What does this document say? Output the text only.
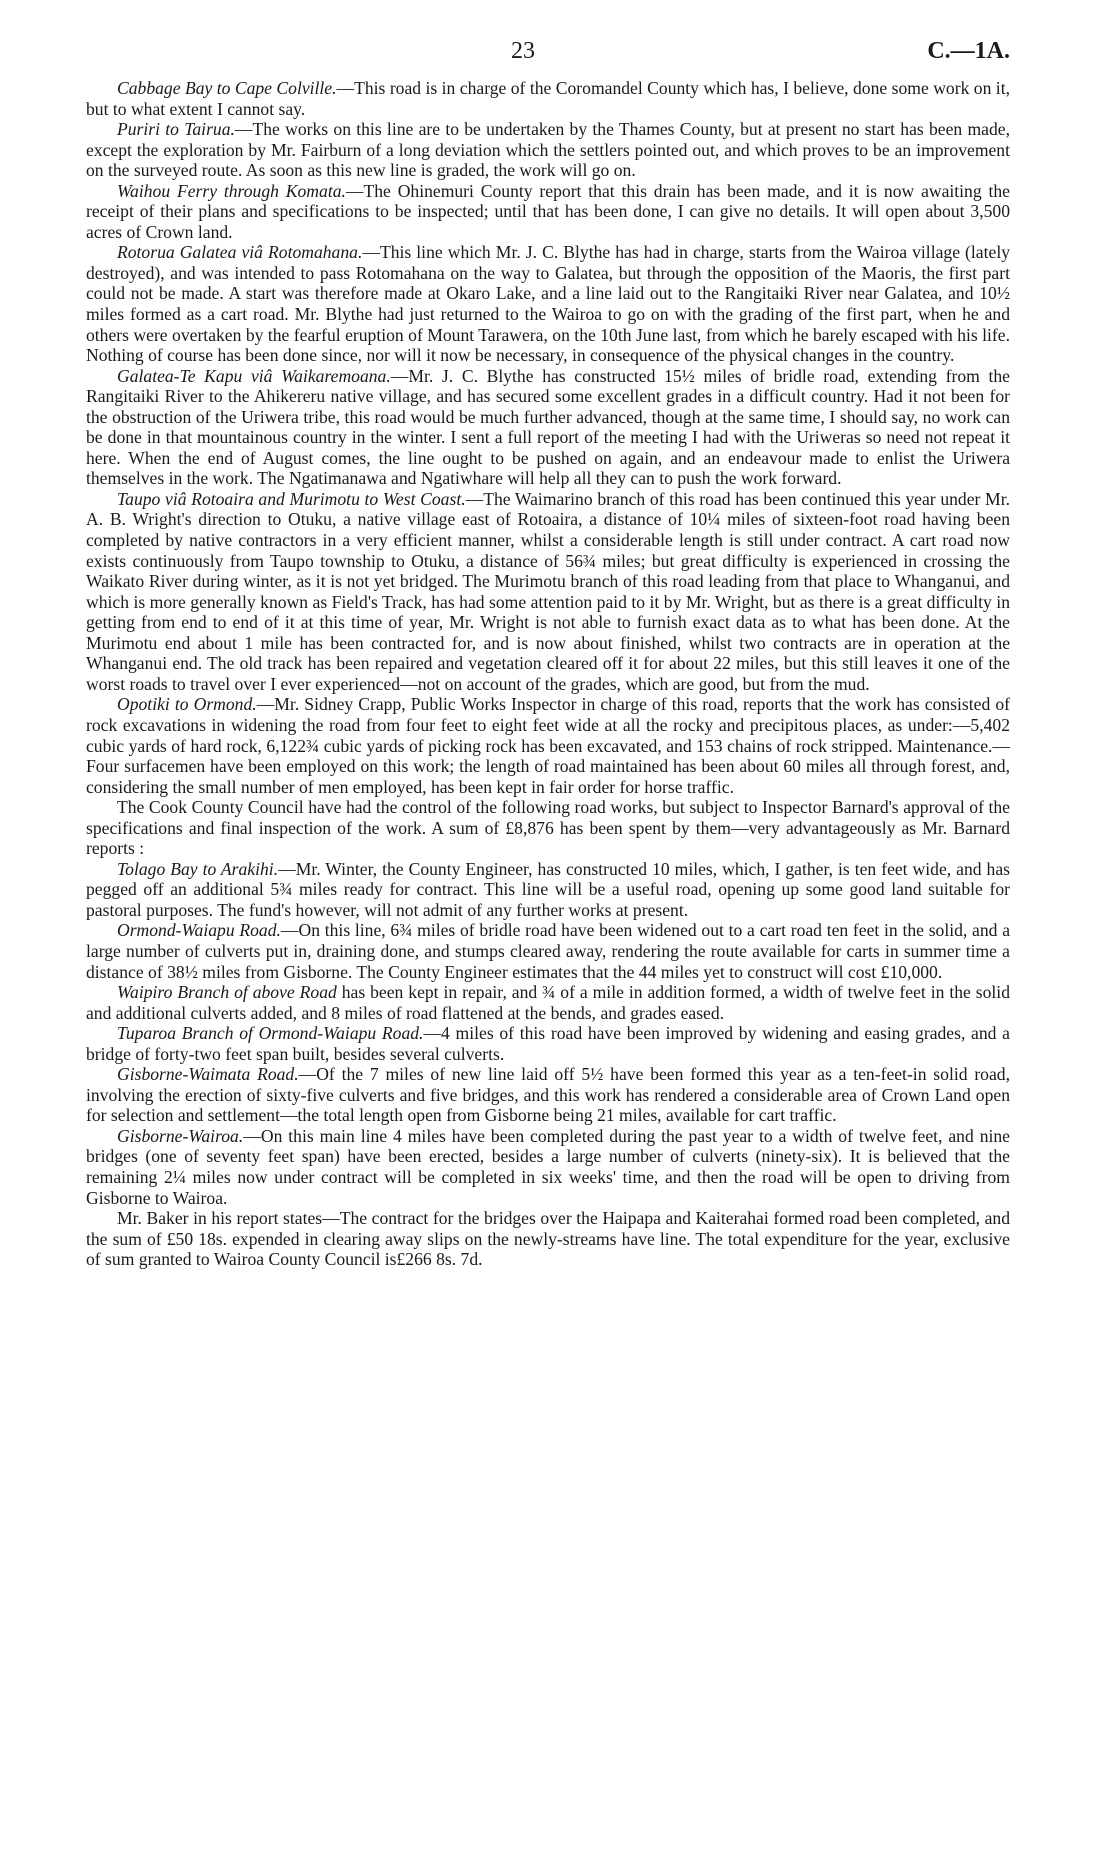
23	C.—1A.

Cabbage Bay to Cape Colville.—This road is in charge of the Coromandel County which has, I believe, done some work on it, but to what extent I cannot say.

Puriri to Tairua.—The works on this line are to be undertaken by the Thames County, but at present no start has been made, except the exploration by Mr. Fairburn of a long deviation which the settlers pointed out, and which proves to be an improvement on the surveyed route. As soon as this new line is graded, the work will go on.

Waihou Ferry through Komata.—The Ohinemuri County report that this drain has been made, and it is now awaiting the receipt of their plans and specifications to be inspected; until that has been done, I can give no details. It will open about 3,500 acres of Crown land.

Rotorua Galatea viâ Rotomahana.—This line which Mr. J. C. Blythe has had in charge, starts from the Wairoa village (lately destroyed), and was intended to pass Rotomahana on the way to Galatea, but through the opposition of the Maoris, the first part could not be made. A start was therefore made at Okaro Lake, and a line laid out to the Rangitaiki River near Galatea, and 10½ miles formed as a cart road. Mr. Blythe had just returned to the Wairoa to go on with the grading of the first part, when he and others were overtaken by the fearful eruption of Mount Tarawera, on the 10th June last, from which he barely escaped with his life. Nothing of course has been done since, nor will it now be necessary, in consequence of the physical changes in the country.

Galatea-Te Kapu viâ Waikaremoana.—Mr. J. C. Blythe has constructed 15½ miles of bridle road, extending from the Rangitaiki River to the Ahikereru native village, and has secured some excellent grades in a difficult country. Had it not been for the obstruction of the Uriwera tribe, this road would be much further advanced, though at the same time, I should say, no work can be done in that mountainous country in the winter. I sent a full report of the meeting I had with the Uriweras so need not repeat it here. When the end of August comes, the line ought to be pushed on again, and an endeavour made to enlist the Uriwera themselves in the work. The Ngatimanawa and Ngatiwhare will help all they can to push the work forward.

Taupo viâ Rotoaira and Murimotu to West Coast.—The Waimarino branch of this road has been continued this year under Mr. A. B. Wright's direction to Otuku, a native village east of Rotoaira, a distance of 10¼ miles of sixteen-foot road having been completed by native contractors in a very efficient manner, whilst a considerable length is still under contract. A cart road now exists continuously from Taupo township to Otuku, a distance of 56¾ miles; but great difficulty is experienced in crossing the Waikato River during winter, as it is not yet bridged. The Murimotu branch of this road leading from that place to Whanganui, and which is more generally known as Field's Track, has had some attention paid to it by Mr. Wright, but as there is a great difficulty in getting from end to end of it at this time of year, Mr. Wright is not able to furnish exact data as to what has been done. At the Murimotu end about 1 mile has been contracted for, and is now about finished, whilst two contracts are in operation at the Whanganui end. The old track has been repaired and vegetation cleared off it for about 22 miles, but this still leaves it one of the worst roads to travel over I ever experienced—not on account of the grades, which are good, but from the mud.

Opotiki to Ormond.—Mr. Sidney Crapp, Public Works Inspector in charge of this road, reports that the work has consisted of rock excavations in widening the road from four feet to eight feet wide at all the rocky and precipitous places, as under:—5,402 cubic yards of hard rock, 6,122¾ cubic yards of picking rock has been excavated, and 153 chains of rock stripped. Maintenance.—Four surfacemen have been employed on this work; the length of road maintained has been about 60 miles all through forest, and, considering the small number of men employed, has been kept in fair order for horse traffic.

The Cook County Council have had the control of the following road works, but subject to Inspector Barnard's approval of the specifications and final inspection of the work. A sum of £8,876 has been spent by them—very advantageously as Mr. Barnard reports :

Tolago Bay to Arakihi.—Mr. Winter, the County Engineer, has constructed 10 miles, which, I gather, is ten feet wide, and has pegged off an additional 5¾ miles ready for contract. This line will be a useful road, opening up some good land suitable for pastoral purposes. The fund's however, will not admit of any further works at present.

Ormond-Waiapu Road.—On this line, 6¾ miles of bridle road have been widened out to a cart road ten feet in the solid, and a large number of culverts put in, draining done, and stumps cleared away, rendering the route available for carts in summer time a distance of 38½ miles from Gisborne. The County Engineer estimates that the 44 miles yet to construct will cost £10,000.

Waipiro Branch of above Road has been kept in repair, and ¾ of a mile in addition formed, a width of twelve feet in the solid and additional culverts added, and 8 miles of road flattened at the bends, and grades eased.

Tuparoa Branch of Ormond-Waiapu Road.—4 miles of this road have been improved by widening and easing grades, and a bridge of forty-two feet span built, besides several culverts.

Gisborne-Waimata Road.—Of the 7 miles of new line laid off 5½ have been formed this year as a ten-feet-in solid road, involving the erection of sixty-five culverts and five bridges, and this work has rendered a considerable area of Crown Land open for selection and settlement—the total length open from Gisborne being 21 miles, available for cart traffic.

Gisborne-Wairoa.—On this main line 4 miles have been completed during the past year to a width of twelve feet, and nine bridges (one of seventy feet span) have been erected, besides a large number of culverts (ninety-six). It is believed that the remaining 2¼ miles now under contract will be completed in six weeks' time, and then the road will be open to driving from Gisborne to Wairoa.

Mr. Baker in his report states—The contract for the bridges over the Haipapa and Kaiterahai formed road been completed, and the sum of £50 18s. expended in clearing away slips on the newly-streams have line. The total expenditure for the year, exclusive of sum granted to Wairoa County Council is£266 8s. 7d.
